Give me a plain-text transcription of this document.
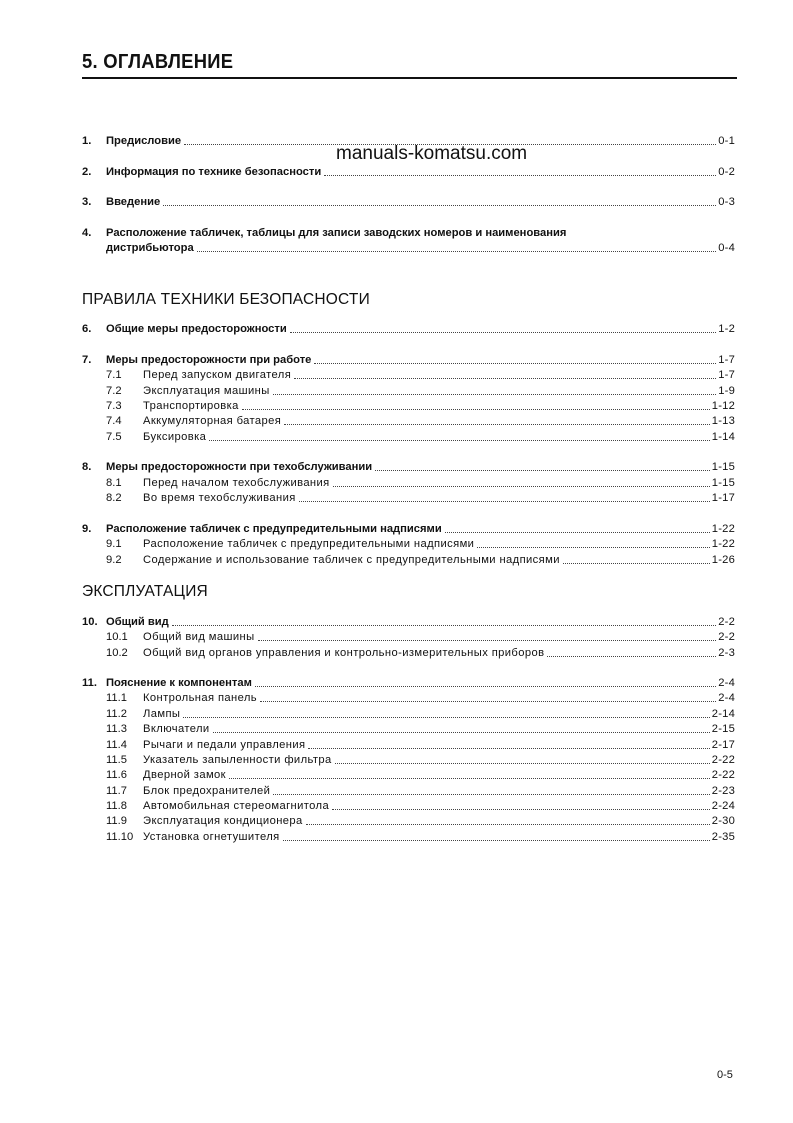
5. ОГЛАВЛЕНИЕ
1.	Предисловие	0-1
manuals-komatsu.com
2.	Информация по технике безопасности	0-2
3.	Введение	0-3
4.	Расположение табличек, таблицы для записи заводских номеров и наименования
дистрибьютора	0-4
ПРАВИЛА ТЕХНИКИ БЕЗОПАСНОСТИ
6.	Общие меры предосторожности	1-2
7.	Меры предосторожности при работе	1-7
7.1	Перед запуском двигателя	1-7
7.2	Эксплуатация машины	1-9
7.3	Транспортировка	1-12
7.4	Аккумуляторная батарея	1-13
7.5	Буксировка	1-14
8.	Меры предосторожности при техобслуживании	1-15
8.1	Перед началом техобслуживания	1-15
8.2	Во время техобслуживания	1-17
9.	Расположение табличек с предупредительными надписями	1-22
9.1	Расположение табличек с предупредительными надписями	1-22
9.2	Содержание и использование табличек с предупредительными надписями	1-26
ЭКСПЛУАТАЦИЯ
10. Общий вид	2-2
10.1	Общий вид машины	2-2
10.2	Общий вид органов управления и контрольно-измерительных приборов	2-3
11. Пояснение к компонентам	2-4
11.1	Контрольная панель	2-4
11.2	Лампы	2-14
11.3	Включатели	2-15
11.4	Рычаги и педали управления	2-17
11.5	Указатель запыленности фильтра	2-22
11.6	Дверной замок	2-22
11.7	Блок предохранителей	2-23
11.8	Автомобильная стереомагнитола	2-24
11.9	Эксплуатация кондиционера	2-30
11.10 Установка огнетушителя	2-35
0-5
